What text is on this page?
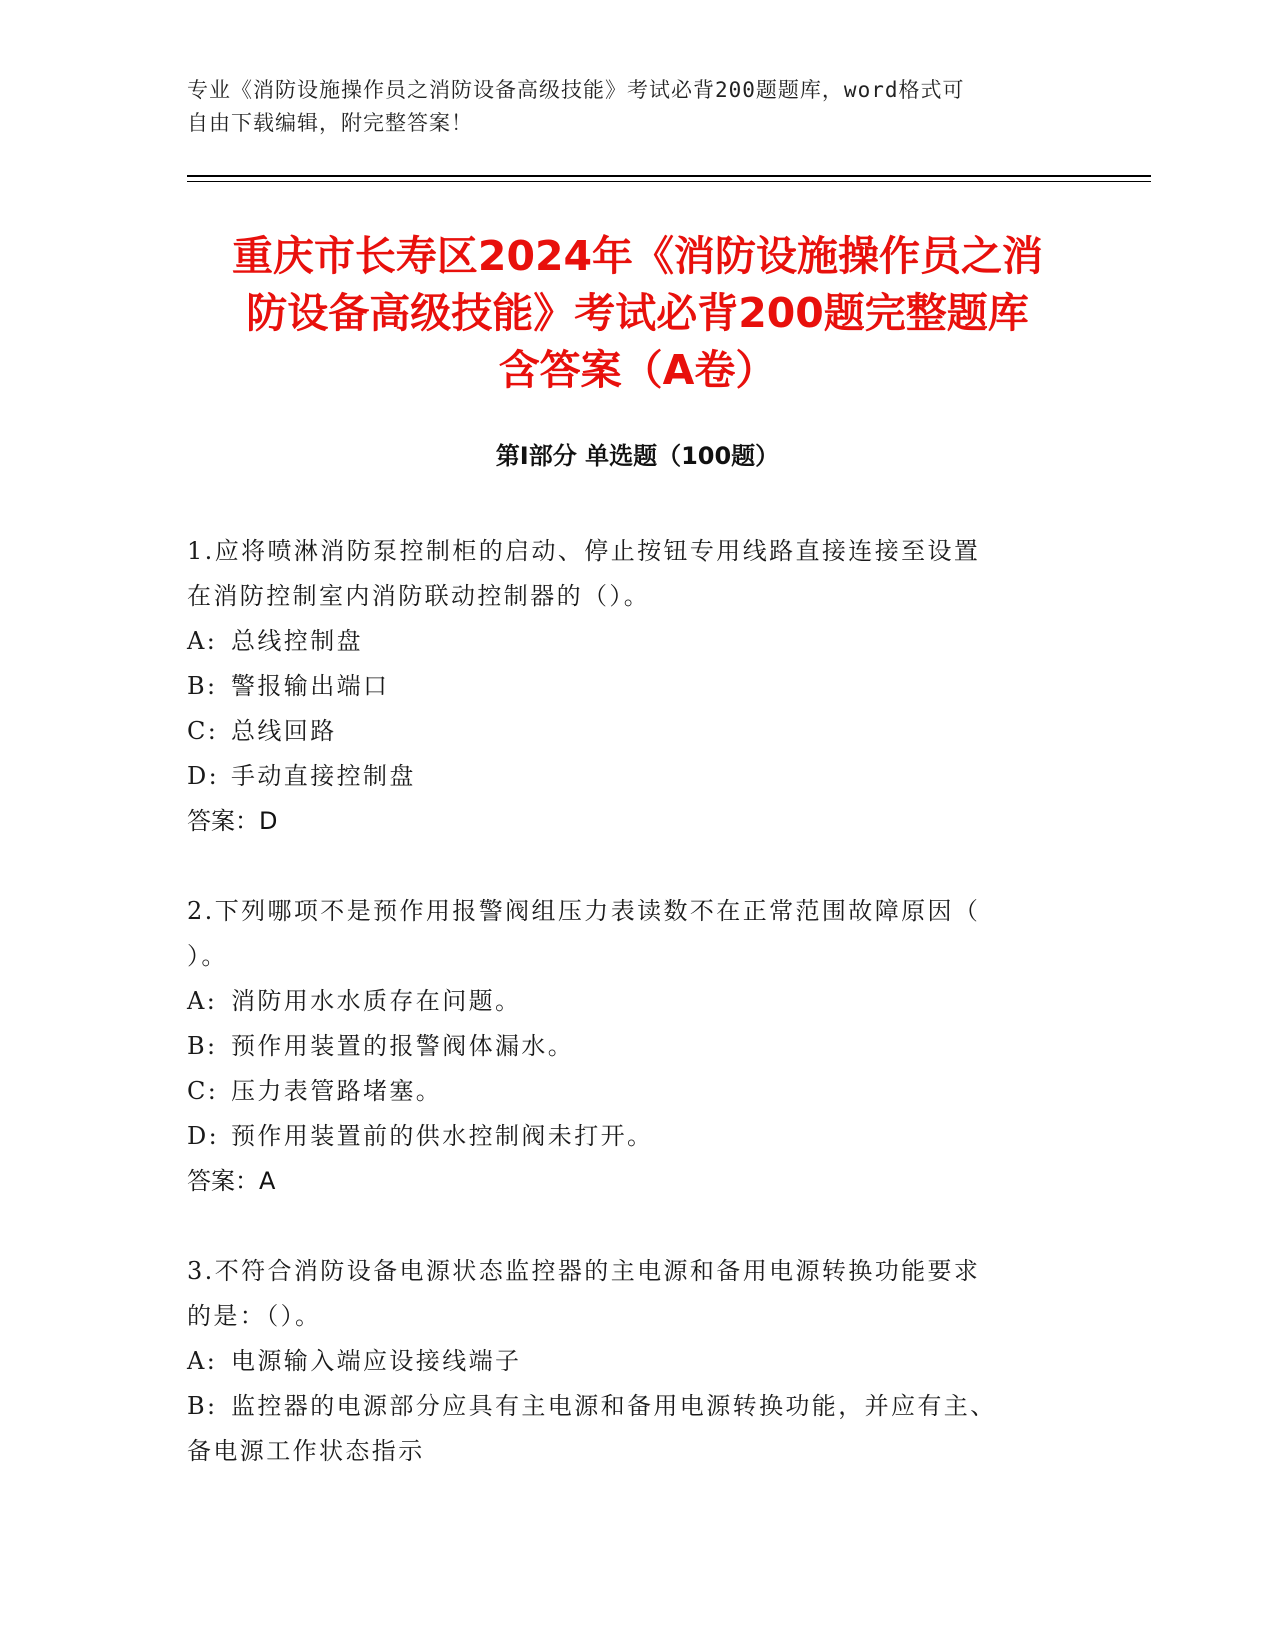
专业《消防设施操作员之消防设备高级技能》考试必背200题题库，word格式可
自由下载编辑，附完整答案！
重庆市长寿区2024年《消防设施操作员之消
防设备高级技能》考试必背200题完整题库
含答案（A卷）
第Ⅰ部分 单选题（100题）

1.应将喷淋消防泵控制柜的启动、停止按钮专用线路直接连接至设置

在消防控制室内消防联动控制器的（）。

A: 总线控制盘

B: 警报输出端口

C: 总线回路

D: 手动直接控制盘

答案：D

2.下列哪项不是预作用报警阀组压力表读数不在正常范围故障原因（

）。

A: 消防用水水质存在问题。

B: 预作用装置的报警阀体漏水。

C: 压力表管路堵塞。

D: 预作用装置前的供水控制阀未打开。

答案：A

3.不符合消防设备电源状态监控器的主电源和备用电源转换功能要求

的是：（）。

A: 电源输入端应设接线端子

B: 监控器的电源部分应具有主电源和备用电源转换功能，并应有主、

备电源工作状态指示
